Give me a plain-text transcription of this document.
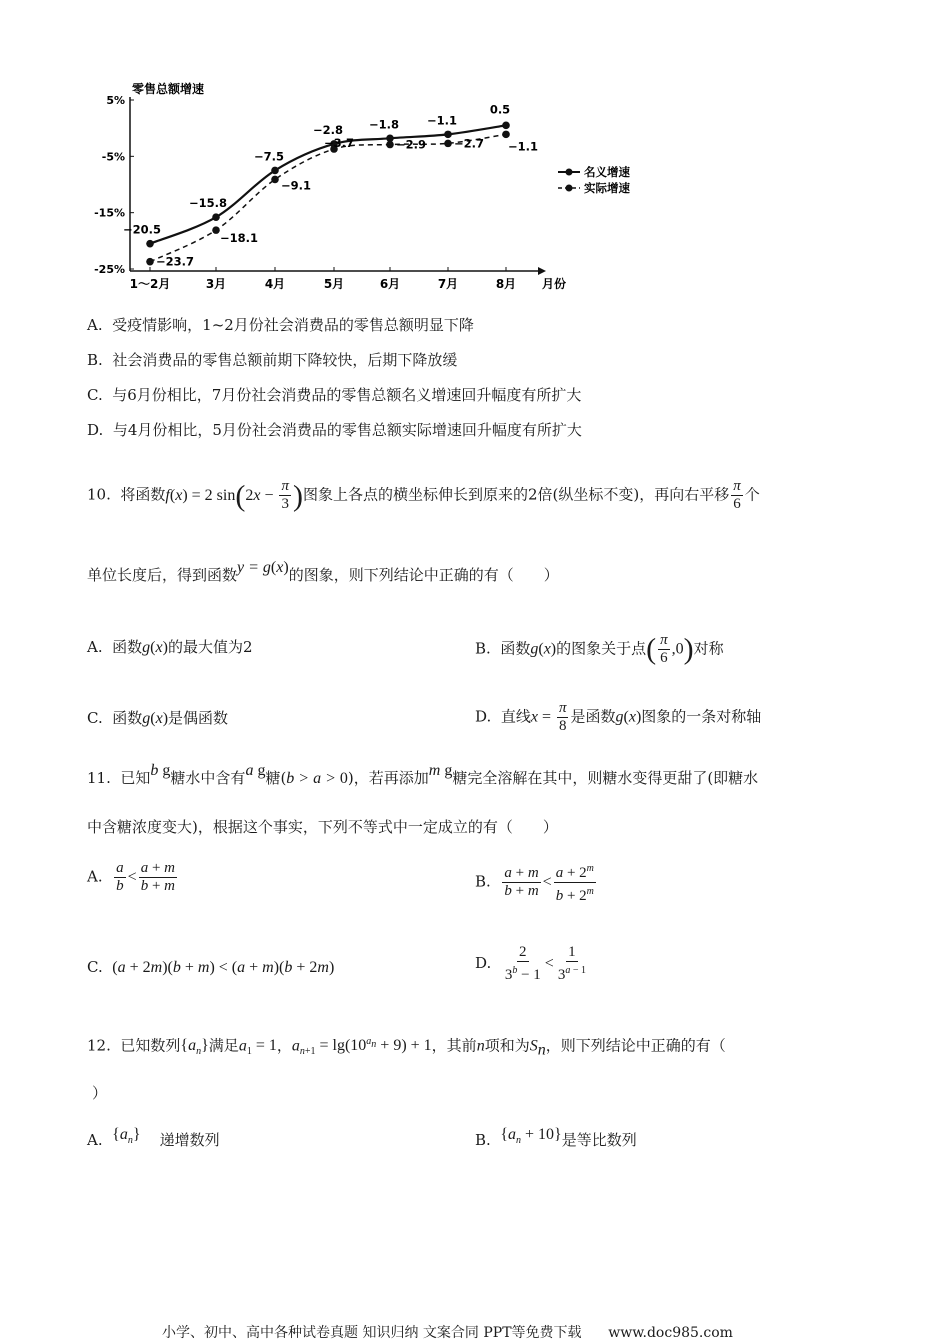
零售总额增速
5%
-5%
-15%
-25%
1～2月	3月	4月	5月	6月	7月	8月 月份
−20.5
−15.8
−7.5
−2.8 −1.8 −1.1
0.5
−23.7
−18.1
−9.1
−3.7	−2.9 −2.7 −1.1
名义增速
实际增速
A. 受疫情影响，1~2月份社会消费品的零售总额明显下降
B. 社会消费品的零售总额前期下降较快，后期下降放缓
C. 与6月份相比，7月份社会消费品的零售总额名义增速回升幅度有所扩大
D. 与4月份相比，5月份社会消费品的零售总额实际增速回升幅度有所扩大
10. 将函数f(x) = 2 $\sin(2x - \frac{\pi}{3}$ )图象上各点的横坐标伸长到原来的2倍(纵坐标不变)，再向右平移 $\frac{\pi}{6}$ 个
单位长度后，得到函数y = g(x)的图象，则下列结论中正确的有（　　）
A. 函数g(x)的最大值为2	B. 函数g(x)的图象关于点( $\frac{\pi}{6} ,0$)对称
C. 函数g(x)是偶函数	D. 直线$x = \frac{\pi}{8}$ 是函数g(x)图象的一条对称轴
11. 已知b g糖水中含有a g糖(b > a > 0)，若再添加m g糖完全溶解在其中，则糖水变得更甜了(即糖水
中含糖浓度变大)，根据这个事实，下列不等式中一定成立的有（　　）
A. $\frac{a}{b} < \frac{a + m}{b + m}$	B. $\frac{a + m}{b + m} < \frac{a + 2^m}{b + 2^m}$
C. (a + 2m)(b + m) < (a + m)(b + 2m)	D. $\frac{2}{3^b - 1} < \frac{1}{3^{a - 1}}$
12. 已知数列$\{a_n\}$满足$a_1 = 1$，$a_{n+1} = \lg(10^{a_n} + 9) + 1$，其前n项和为$S_n$，则下列结论中正确的有（
）
A. $\{a_n\}$ 递增数列	B. $\{a_n + 10\}$是等比数列
小学、初中、高中各种试卷真题 知识归纳 文案合同 PPT等免费下载 www.doc985.com
